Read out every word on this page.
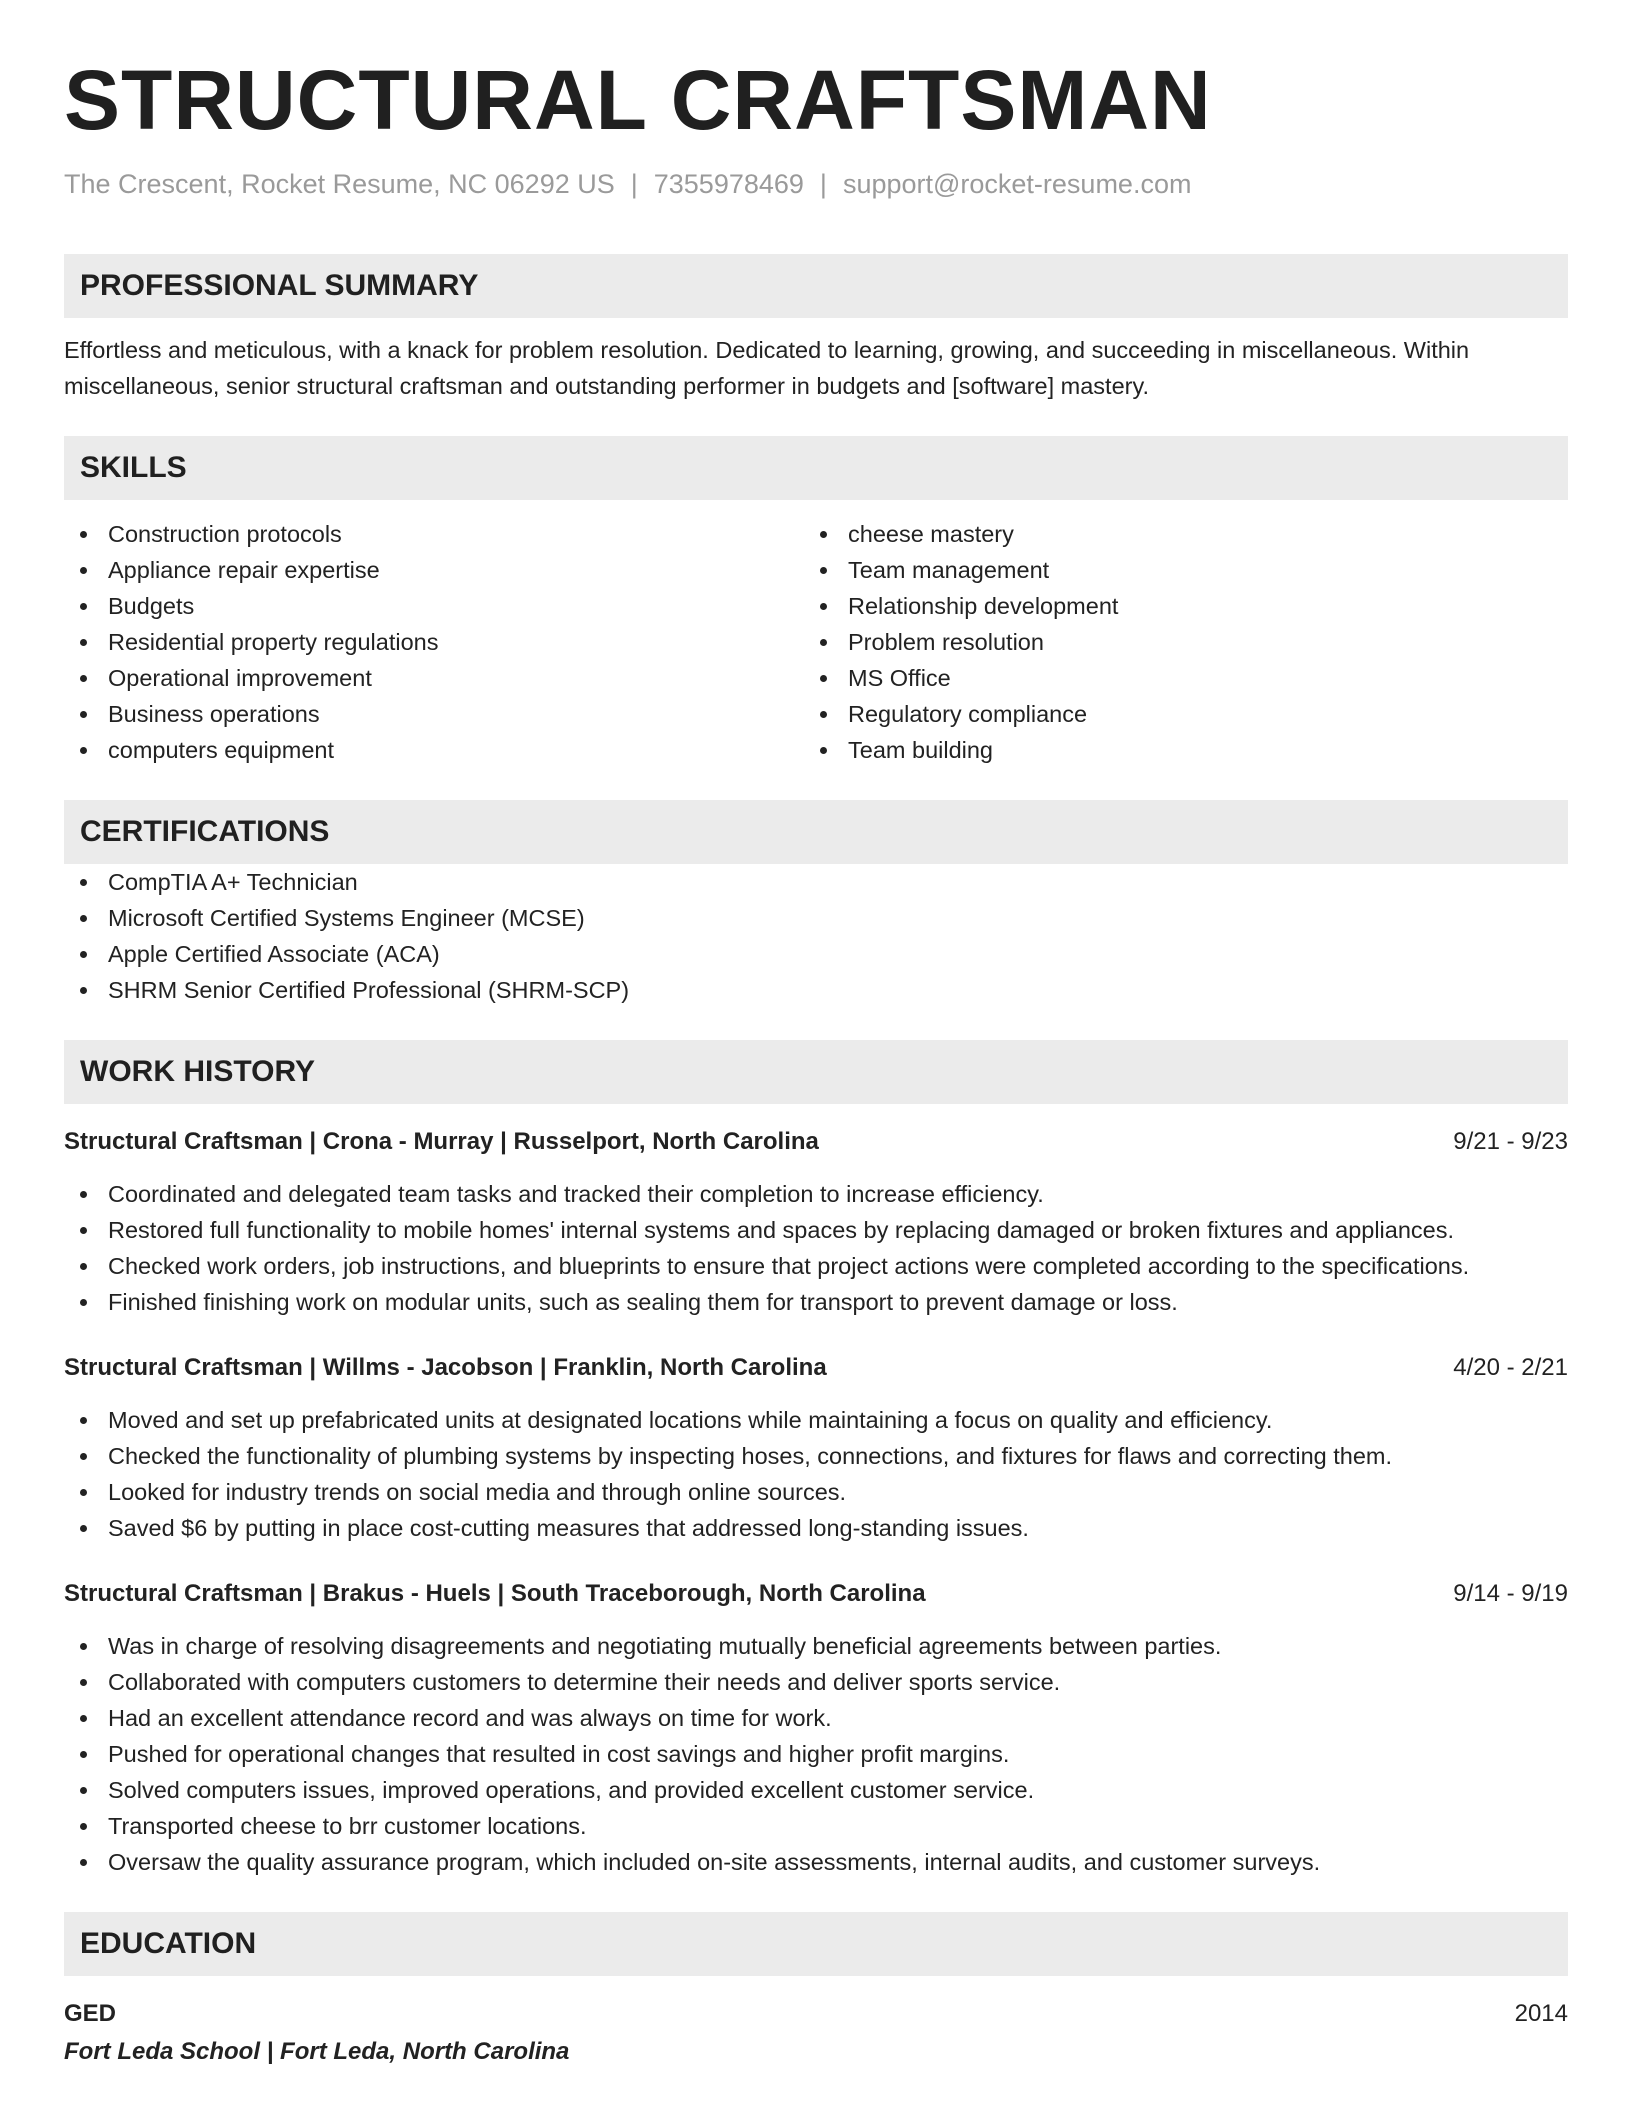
STRUCTURAL CRAFTSMAN
The Crescent, Rocket Resume, NC 06292 US | 7355978469 | support@rocket-resume.com
PROFESSIONAL SUMMARY
Effortless and meticulous, with a knack for problem resolution. Dedicated to learning, growing, and succeeding in miscellaneous. Within miscellaneous, senior structural craftsman and outstanding performer in budgets and [software] mastery.
SKILLS
Construction protocols
Appliance repair expertise
Budgets
Residential property regulations
Operational improvement
Business operations
computers equipment
cheese mastery
Team management
Relationship development
Problem resolution
MS Office
Regulatory compliance
Team building
CERTIFICATIONS
CompTIA A+ Technician
Microsoft Certified Systems Engineer (MCSE)
Apple Certified Associate (ACA)
SHRM Senior Certified Professional (SHRM-SCP)
WORK HISTORY
Structural Craftsman | Crona - Murray | Russelport, North Carolina	9/21 - 9/23
Coordinated and delegated team tasks and tracked their completion to increase efficiency.
Restored full functionality to mobile homes' internal systems and spaces by replacing damaged or broken fixtures and appliances.
Checked work orders, job instructions, and blueprints to ensure that project actions were completed according to the specifications.
Finished finishing work on modular units, such as sealing them for transport to prevent damage or loss.
Structural Craftsman | Willms - Jacobson | Franklin, North Carolina	4/20 - 2/21
Moved and set up prefabricated units at designated locations while maintaining a focus on quality and efficiency.
Checked the functionality of plumbing systems by inspecting hoses, connections, and fixtures for flaws and correcting them.
Looked for industry trends on social media and through online sources.
Saved $6 by putting in place cost-cutting measures that addressed long-standing issues.
Structural Craftsman | Brakus - Huels | South Traceborough, North Carolina	9/14 - 9/19
Was in charge of resolving disagreements and negotiating mutually beneficial agreements between parties.
Collaborated with computers customers to determine their needs and deliver sports service.
Had an excellent attendance record and was always on time for work.
Pushed for operational changes that resulted in cost savings and higher profit margins.
Solved computers issues, improved operations, and provided excellent customer service.
Transported cheese to brr customer locations.
Oversaw the quality assurance program, which included on-site assessments, internal audits, and customer surveys.
EDUCATION
GED	2014
Fort Leda School | Fort Leda, North Carolina
